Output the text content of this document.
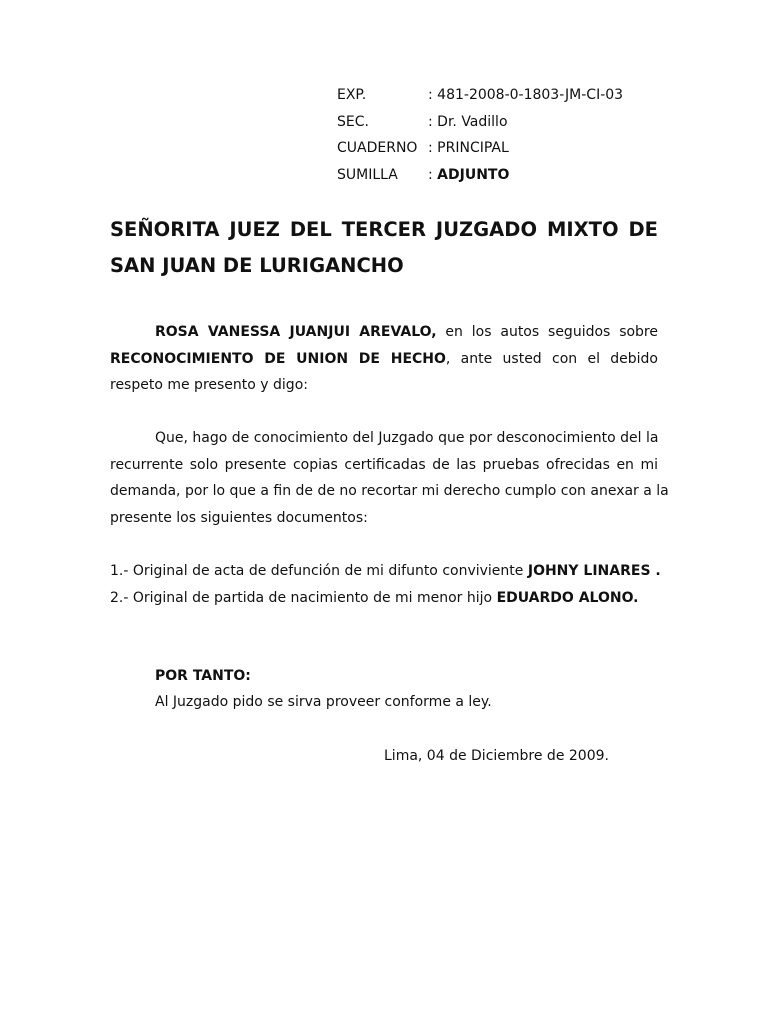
EXP.	: 481-2008-0-1803-JM-CI-03
SEC.	: Dr. Vadillo
CUADERNO : PRINCIPAL
SUMILLA : ADJUNTO
SEÑORITA JUEZ DEL TERCER JUZGADO MIXTO DE
SAN JUAN DE LURIGANCHO
ROSA VANESSA JUANJUI AREVALO, en los autos seguidos sobre
RECONOCIMIENTO DE UNION DE HECHO, ante usted con el debido
respeto me presento y digo:
Que, hago de conocimiento del Juzgado que por desconocimiento del la
recurrente solo presente copias certificadas de las pruebas ofrecidas en mi
demanda, por lo que a fin de de no recortar mi derecho cumplo con anexar a la
presente los siguientes documentos:
1.- Original de acta de defunción de mi difunto conviviente JOHNY LINARES .
2.- Original de partida de nacimiento de mi menor hijo EDUARDO ALONO.
POR TANTO:
Al Juzgado pido se sirva proveer conforme a ley.
Lima, 04 de Diciembre de 2009.
